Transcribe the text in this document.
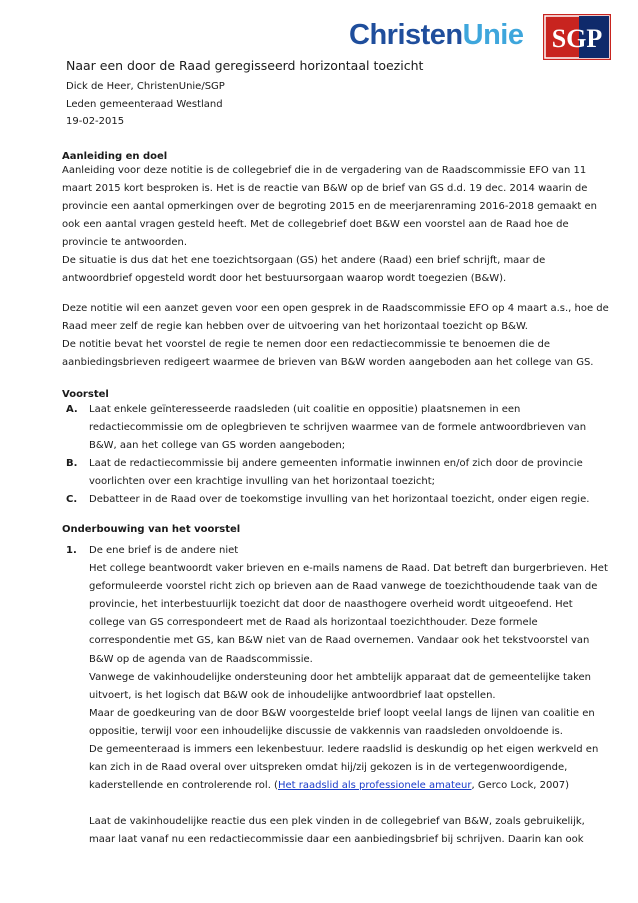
ChristenUnie	SGP
Naar een door de Raad geregisseerd horizontaal toezicht
Dick de Heer, ChristenUnie/SGP
Leden gemeenteraad Westland
19-02-2015
Aanleiding en doel

Aanleiding voor deze notitie is de collegebrief die in de vergadering van de Raadscommissie EFO van 11 maart 2015 kort besproken is. Het is de reactie van B&W op de brief van GS d.d. 19 dec. 2014 waarin de provincie een aantal opmerkingen over de begroting 2015 en de meerjarenraming 2016-2018 gemaakt en ook een aantal vragen gesteld heeft. Met de collegebrief doet B&W een voorstel aan de Raad hoe de provincie te antwoorden.

De situatie is dus dat het ene toezichtsorgaan (GS) het andere (Raad) een brief schrijft, maar de antwoordbrief opgesteld wordt door het bestuursorgaan waarop wordt toegezien (B&W).

Deze notitie wil een aanzet geven voor een open gesprek in de Raadscommissie EFO op 4 maart a.s., hoe de Raad meer zelf de regie kan hebben over de uitvoering van het horizontaal toezicht op B&W.

De notitie bevat het voorstel de regie te nemen door een redactiecommissie te benoemen die de aanbiedingsbrieven redigeert waarmee de brieven van B&W worden aangeboden aan het college van GS.

Voorstel
A. Laat enkele geïnteresseerde raadsleden (uit coalitie en oppositie) plaatsnemen in een redactiecommissie om de oplegbrieven te schrijven waarmee van de formele antwoordbrieven van B&W, aan het college van GS worden aangeboden;
B. Laat de redactiecommissie bij andere gemeenten informatie inwinnen en/of zich door de provincie voorlichten over een krachtige invulling van het horizontaal toezicht;
C. Debatteer in de Raad over de toekomstige invulling van het horizontaal toezicht, onder eigen regie.
Onderbouwing van het voorstel
1. De ene brief is de andere niet

Het college beantwoordt vaker brieven en e-mails namens de Raad. Dat betreft dan burgerbrieven. Het geformuleerde voorstel richt zich op brieven aan de Raad vanwege de toezichthoudende taak van de provincie, het interbestuurlijk toezicht dat door de naasthogere overheid wordt uitgeoefend. Het college van GS correspondeert met de Raad als horizontaal toezichthouder. Deze formele correspondentie met GS, kan B&W niet van de Raad overnemen. Vandaar ook het tekstvoorstel van B&W op de agenda van de Raadscommissie.

Vanwege de vakinhoudelijke ondersteuning door het ambtelijk apparaat dat de gemeentelijke taken uitvoert, is het logisch dat B&W ook de inhoudelijke antwoordbrief laat opstellen.

Maar de goedkeuring van de door B&W voorgestelde brief loopt veelal langs de lijnen van coalitie en oppositie, terwijl voor een inhoudelijke discussie de vakkennis van raadsleden onvoldoende is.

De gemeenteraad is immers een lekenbestuur. Iedere raadslid is deskundig op het eigen werkveld en kan zich in de Raad overal over uitspreken omdat hij/zij gekozen is in de vertegenwoordigende, kaderstellende en controlerende rol. (Het raadslid als professionele amateur, Gerco Lock, 2007)

Laat de vakinhoudelijke reactie dus een plek vinden in de collegebrief van B&W, zoals gebruikelijk, maar laat vanaf nu een redactiecommissie daar een aanbiedingsbrief bij schrijven. Daarin kan ook
